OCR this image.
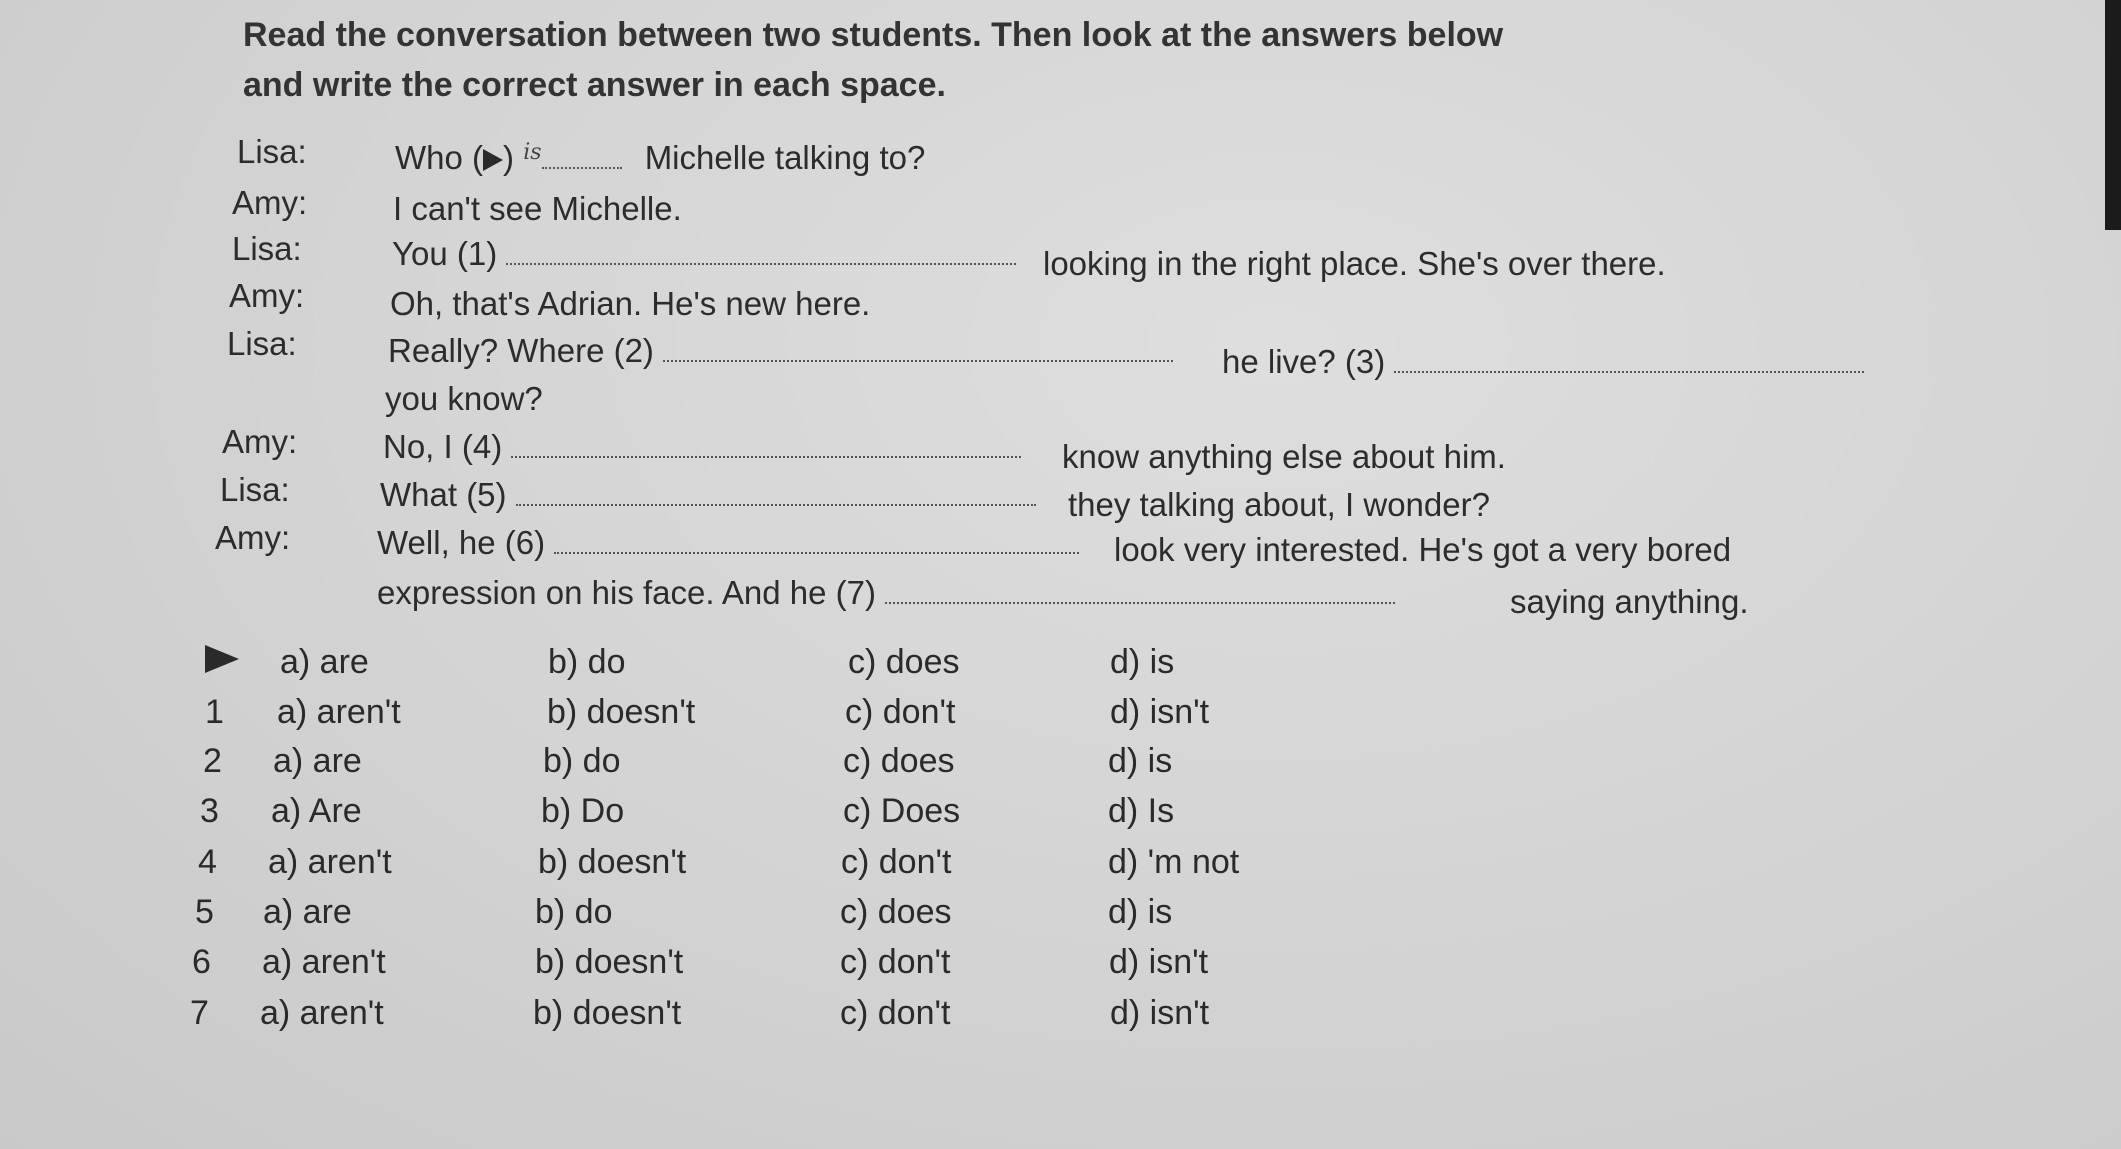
Read the conversation between two students. Then look at the answers below
and write the correct answer in each space.
Lisa:	Who ( ) $^{is}$	Michelle talking to?
Amy:	I can't see Michelle.
Lisa:	You (1)	looking in the right place. She's over there.
Amy:	Oh, that's Adrian. He's new here.
Lisa:	Really? Where (2)	he live? (3)
you know?
Amy:	No, I (4)	know anything else about him.
Lisa:	What (5)	they talking about, I wonder?
Amy:	Well, he (6)	look very interested. He's got a very bored
expression on his face. And he (7)	saying anything.
a) are	b) do	c) does	d) is
1 a) aren't	b) doesn't	c) don't	d) isn't
2 a) are	b) do	c) does	d) is
3 a) Are	b) Do	c) Does	d) Is
4 a) aren't	b) doesn't	c) don't	d) 'm not
5 a) are	b) do	c) does	d) is
6 a) aren't	b) doesn't	c) don't	d) isn't
7 a) aren't	b) doesn't	c) don't	d) isn't
